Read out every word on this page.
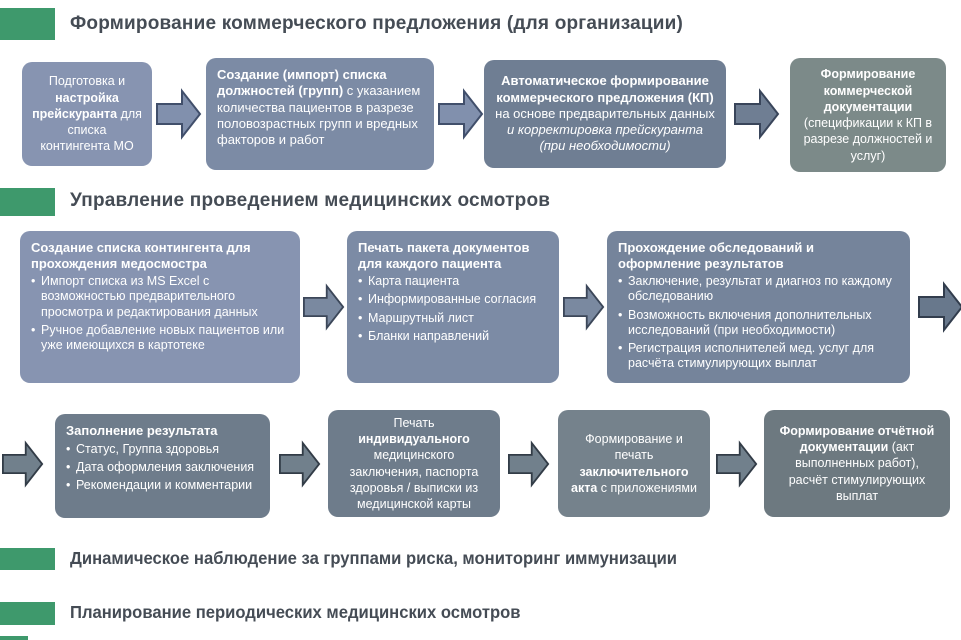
Формирование коммерческого предложения (для организации)

Подготовка и настройка прейскуранта для списка контингента МО

Создание (импорт) списка должностей (групп) с указанием количества пациентов в разрезе половозрастных групп и вредных факторов и работ

Автоматическое формирование коммерческого предложения (КП) на основе предварительных данных и корректировка прейскуранта (при необходимости)

Формирование коммерческой документации (спецификации к КП в разрезе должностей и услуг)

Управление проведением медицинских осмотров

Создание списка контингента для прохождения медосмостра

• Импорт списка из MS Excel с возможностью предварительного просмотра и редактирования данных
• Ручное добавление новых пациентов или уже имеющихся в картотеке

Печать пакета документов для каждого пациента

• Карта пациента
• Информированные согласия
• Маршрутный лист
• Бланки направлений

Прохождение обследований и оформление результатов

• Заключение, результат и диагноз по каждому обследованию
• Возможность включения дополнительных исследований (при необходимости)
• Регистрация исполнителей мед. услуг для расчёта стимулирующих выплат

Заполнение результата

• Статус, Группа здоровья
• Дата оформления заключения
• Рекомендации и комментарии

Печать индивидуального медицинского заключения, паспорта здоровья / выписки из медицинской карты

Формирование и печать заключительного акта с приложениями

Формирование отчётной документации (акт выполненных работ), расчёт стимулирующих выплат

Динамическое наблюдение за группами риска, мониторинг иммунизации
Планирование периодических медицинских осмотров
